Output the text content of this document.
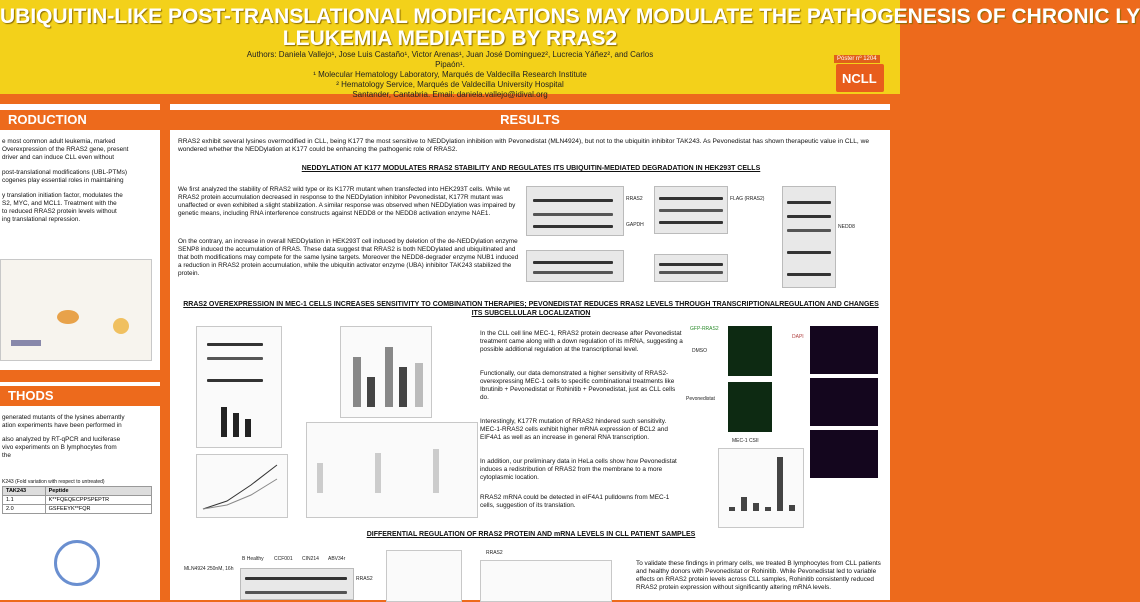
UBIQUITIN-LIKE POST-TRANSLATIONAL MODIFICATIONS MAY MODULATE THE PATHOGENESIS OF CHRONIC LY
LEUKEMIA MEDIATED BY RRAS2
Authors: Daniela Vallejo¹, Jose Luis Castaño¹, Victor Arenas¹, Juan José Dominguez², Lucrecia Yáñez², and Carlos Pipaón¹.
¹ Molecular Hematology Laboratory, Marqués de Valdecilla Research Institute
² Hematology Service, Marqués de Valdecilla University Hospital
Santander, Cantabria. Email: daniela.vallejo@idival.org
Póster nº 1204
NCLL
RODUCTION
e most common adult leukemia, marked
Overexpression of the RRAS2 gene, present
driver and can induce CLL even without
post-translational modifications (UBL-PTMs)
cogenes play essential roles in maintaining
y translation initiation factor, modulates the
S2, MYC, and MCL1. Treatment with the
to reduced RRAS2 protein levels without
ing translational repression.
THODS
generated mutants of the lysines aberrantly
ation experiments have been performed in
also analyzed by RT-qPCR and luciferase
vivo experiments on B lymphocytes from
the
K243 (Fold variation with respect to untreated)
TAK243	Peptide
1.1	K**FQEQECPPSPEPTR
2.0	GSFEEYK**FQR
RESULTS
RRAS2 exhibit several lysines overmodified in CLL, being K177 the most sensitive to NEDDylation inhibition with Pevonedistat (MLN4924), but not to the ubiquitin inhibitor TAK243. As Pevonedistat has shown therapeutic value in CLL, we wondered whether the NEDDylation at K177 could be enhancing the pathogenic role of RRAS2.
NEDDYLATION AT K177 MODULATES RRAS2 STABILITY AND REGULATES ITS UBIQUITIN-MEDIATED DEGRADATION IN HEK293T CELLS
We first analyzed the stability of RRAS2 wild type or its K177R mutant when transfected into HEK293T cells. While wt RRAS2 protein accumulation decreased in response to the NEDDylation inhibitor Pevonedistat, K177R mutant was unaffected or even exhibited a slight stabilization. A similar response was observed when NEDDylation was impaired by genetic means, including RNA interference constructs against NEDD8 or the NEDD8 activation enzyme NAE1.
On the contrary, an increase in overall NEDDylation in HEK293T cell induced by deletion of the de-NEDDylation enzyme SENP8 induced the accumulation of RRAS. These data suggest that RRAS2 is both NEDDylated and ubiquitinated and that both modifications may compete for the same lysine targets. Moreover the NEDD8-degrader enzyme NUB1 induced a reduction in RRAS2 protein accumulation, while the ubiquitin activator enzyme (UBA) inhibitor TAK243 stabilized the protein.
RRAS2
GAPDH
FLAG (RRAS2)
NEDD8
RRAS2 OVEREXPRESSION IN MEC-1 CELLS INCREASES SENSITIVITY TO COMBINATION THERAPIES; PEVONEDISTAT REDUCES RRAS2 LEVELS THROUGH TRANSCRIPTIONALREGULATION AND CHANGES ITS SUBCELLULAR LOCALIZATION
In the CLL cell line MEC-1, RRAS2 protein decrease after Pevonedistat treatment came along with a down regulation of its mRNA, suggesting a possible additional regulation at the transcriptional level.
Functionally, our data demonstrated a higher sensitivity of RRAS2-overexpressing MEC-1 cells to specific combinational treatments like Ibrutinib + Pevonedistat or Rohinitib + Pevonedistat, just as CLL cells do.
Interestingly, K177R mutation of RRAS2 hindered such sensitivity. MEC-1-RRAS2 cells exhibit higher mRNA expression of BCL2 and EIF4A1 as well as an increase in general RNA transcription.
In addition, our preliminary data in HeLa cells show how Pevonedistat induces a redistribution of RRAS2 from the membrane to a more cytoplasmic location.
RRAS2 mRNA could be detected in eIF4A1 pulldowns from MEC-1 cells, suggestion of its translation.
GFP-RRAS2
DMSO
Pevonedistat
DAPI
MEC-1 CSII
DIFFERENTIAL REGULATION OF RRAS2 PROTEIN AND mRNA LEVELS IN CLL PATIENT SAMPLES
MLN4924 250nM, 16h
B Healthy CCF001 CIN214 ABV34r
RRAS2
RRAS2
To validate these findings in primary cells, we treated B lymphocytes from CLL patients and healthy donors with Pevonedistat or Rohinitib. While Pevonedistat led to variable effects on RRAS2 protein levels across CLL samples, Rohinitib consistently reduced RRAS2 protein expression without significantly altering mRNA levels.
